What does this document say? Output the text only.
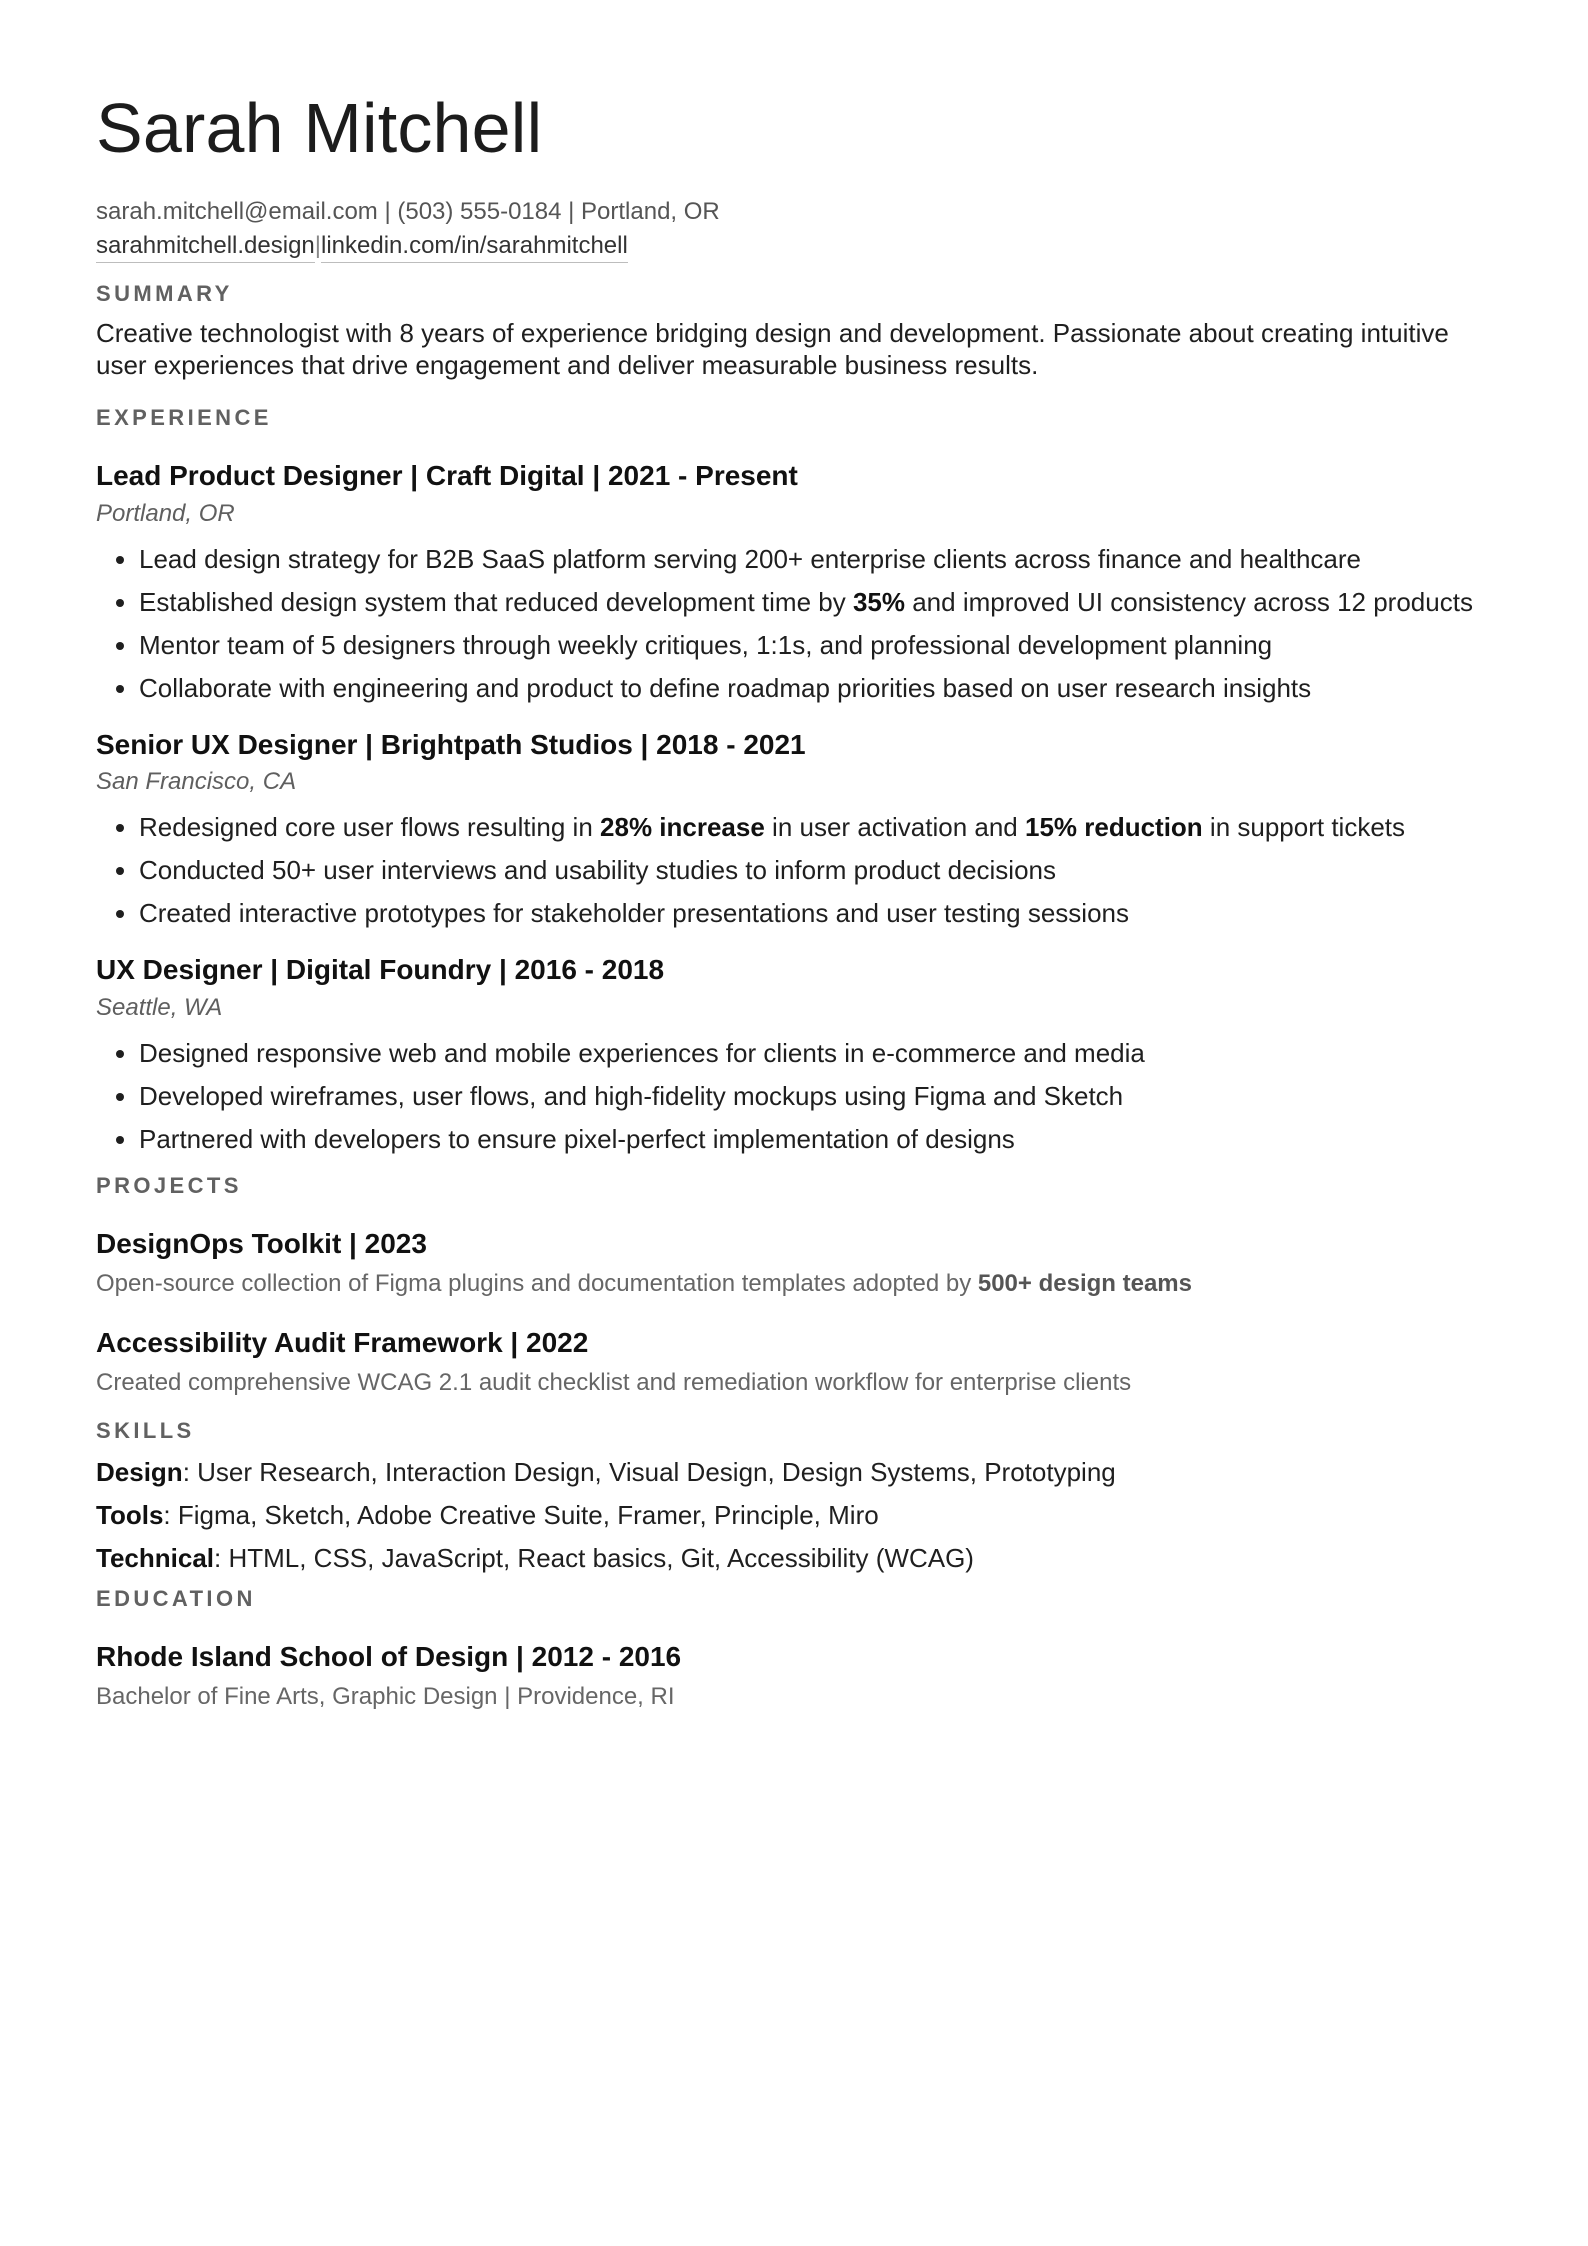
Sarah Mitchell
sarah.mitchell@email.com | (503) 555-0184 | Portland, OR
sarahmitchell.design|linkedin.com/in/sarahmitchell
SUMMARY
Creative technologist with 8 years of experience bridging design and development. Passionate about creating intuitive user experiences that drive engagement and deliver measurable business results.
EXPERIENCE
Lead Product Designer | Craft Digital | 2021 - Present
Portland, OR
• Lead design strategy for B2B SaaS platform serving 200+ enterprise clients across finance and healthcare
• Established design system that reduced development time by 35% and improved UI consistency across 12 products
• Mentor team of 5 designers through weekly critiques, 1:1s, and professional development planning
• Collaborate with engineering and product to define roadmap priorities based on user research insights
Senior UX Designer | Brightpath Studios | 2018 - 2021
San Francisco, CA
• Redesigned core user flows resulting in 28% increase in user activation and 15% reduction in support tickets
• Conducted 50+ user interviews and usability studies to inform product decisions
• Created interactive prototypes for stakeholder presentations and user testing sessions
UX Designer | Digital Foundry | 2016 - 2018
Seattle, WA
• Designed responsive web and mobile experiences for clients in e-commerce and media
• Developed wireframes, user flows, and high-fidelity mockups using Figma and Sketch
• Partnered with developers to ensure pixel-perfect implementation of designs
PROJECTS
DesignOps Toolkit | 2023
Open-source collection of Figma plugins and documentation templates adopted by 500+ design teams
Accessibility Audit Framework | 2022
Created comprehensive WCAG 2.1 audit checklist and remediation workflow for enterprise clients
SKILLS
Design: User Research, Interaction Design, Visual Design, Design Systems, Prototyping
Tools: Figma, Sketch, Adobe Creative Suite, Framer, Principle, Miro
Technical: HTML, CSS, JavaScript, React basics, Git, Accessibility (WCAG)
EDUCATION
Rhode Island School of Design | 2012 - 2016
Bachelor of Fine Arts, Graphic Design | Providence, RI
